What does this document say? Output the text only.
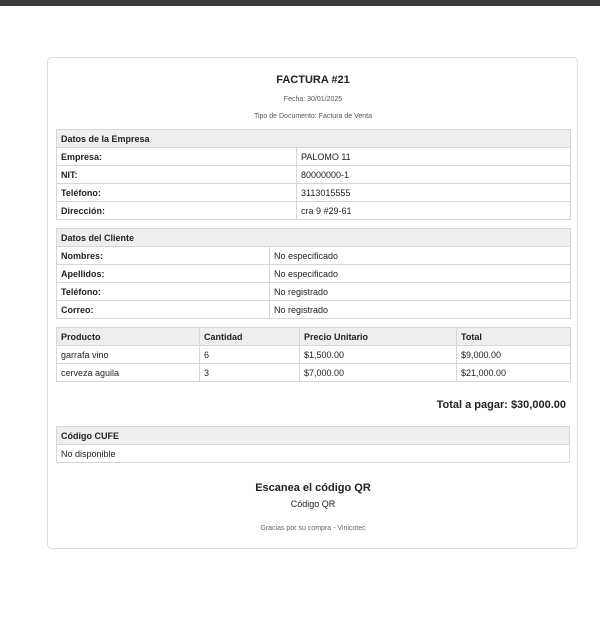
FACTURA #21
Fecha: 30/01/2025
Tipo de Documento: Factura de Venta
Datos de la Empresa	
Empresa:	PALOMO 11
NIT:	80000000-1
Teléfono:	3113015555
Dirección:	cra 9 #29-61
Datos del Cliente	
Nombres:	No especificado
Apellidos:	No especificado
Teléfono:	No registrado
Correo:	No registrado
Producto	Cantidad	Precio Unitario	Total
garrafa vino	6	$1,500.00	$9,000.00
cerveza aguila	3	$7,000.00	$21,000.00
Total a pagar: $30,000.00
Código CUFE
No disponible
Escanea el código QR
Código QR
Gracias por su compra - Vinicotec
